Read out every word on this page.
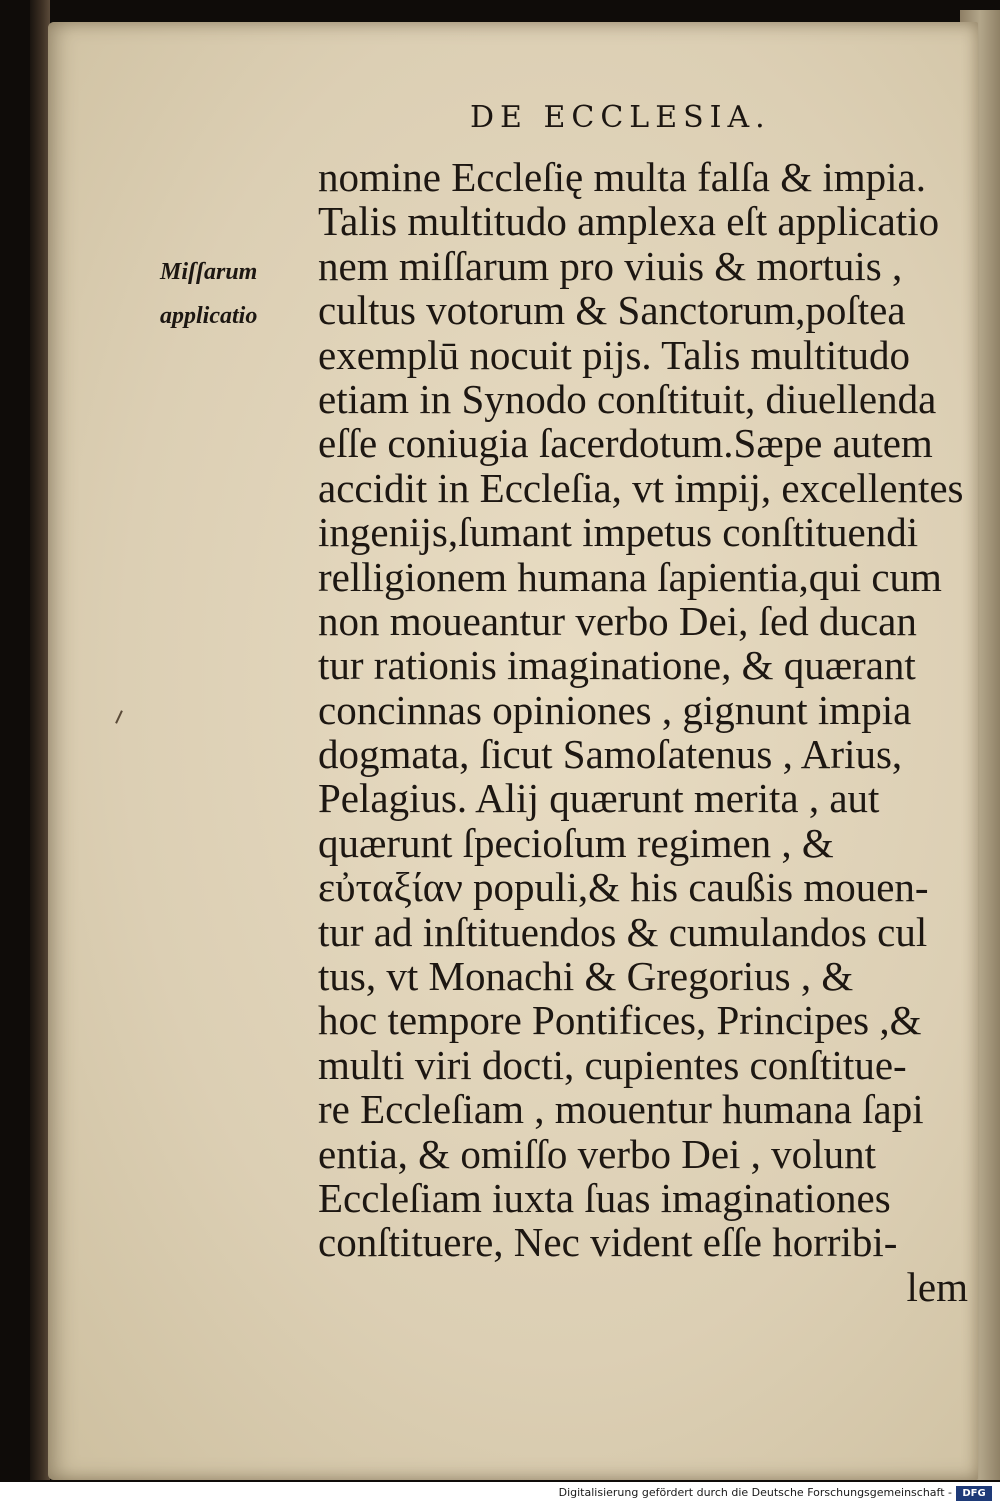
DE ECCLESIA.
Miſſarum
applicatio
nomine Eccleſię multa falſa & impia.
Talis multitudo amplexa eſt applicatio
nem miſſarum pro viuis & mortuis ,
cultus votorum & Sanctorum,poſtea
exemplū nocuit pijs. Talis multitudo
etiam in Synodo conſtituit, diuellenda
eſſe coniugia ſacerdotum.Sæpe autem
accidit in Eccleſia, vt impij, excellentes
ingenijs,ſumant impetus conſtituendi
relligionem humana ſapientia,qui cum
non moueantur verbo Dei, ſed ducan
tur rationis imaginatione, & quærant
concinnas opiniones , gignunt impia
dogmata, ſicut Samoſatenus , Arius,
Pelagius. Alij quærunt merita , aut
quærunt ſpecioſum regimen , &
εὐταξίαν populi,& his caußis mouen-
tur ad inſtituendos & cumulandos cul
tus, vt Monachi & Gregorius , &
hoc tempore Pontifices, Principes ,&
multi viri docti, cupientes conſtitue-
re Eccleſiam , mouentur humana ſapi
entia, & omiſſo verbo Dei , volunt
Eccleſiam iuxta ſuas imaginationes
conſtituere, Nec vident eſſe horribi-
lem
Digitalisierung gefördert durch die Deutsche Forschungsgemeinschaft -	DFG
